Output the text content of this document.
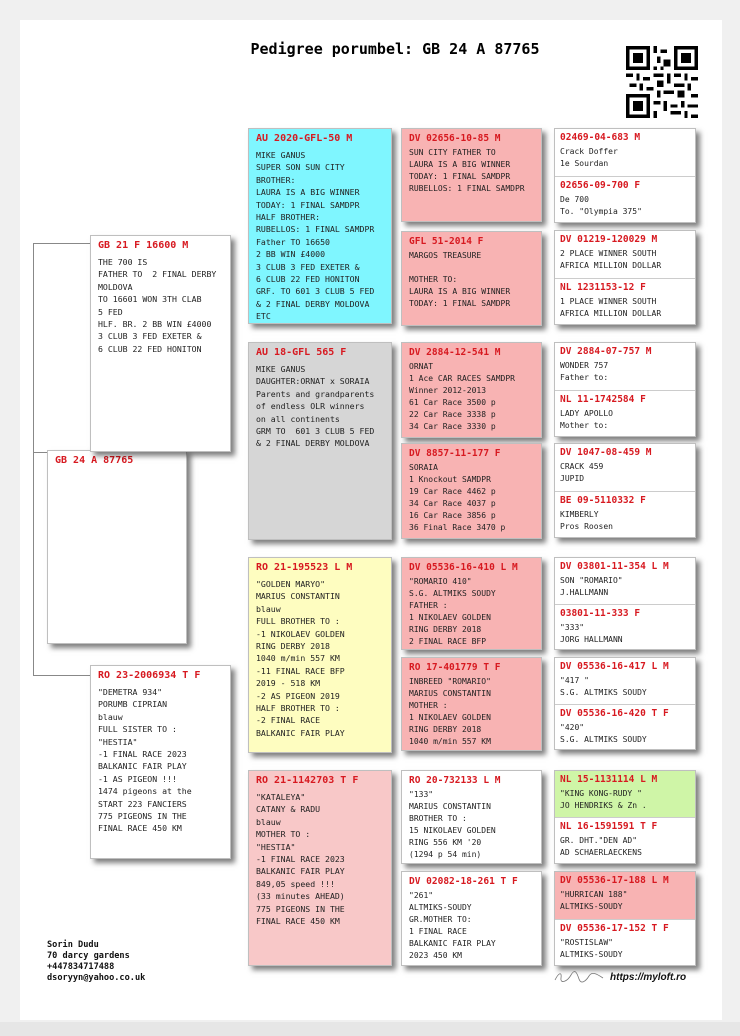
Pedigree porumbel: GB 24 A 87765
GB 24 A 87765
GB 21 F 16600 M
THE 700 IS
FATHER TO  2 FINAL DERBY
MOLDOVA
TO 16601 WON 3TH CLAB
5 FED
HLF. BR. 2 BB WIN £4000
3 CLUB 3 FED EXETER &
6 CLUB 22 FED HONITON
RO 23-2006934 T F
"DEMETRA 934"
PORUMB CIPRIAN
blauw
FULL SISTER TO :
"HESTIA"
-1 FINAL RACE 2023
BALKANIC FAIR PLAY
-1 AS PIGEON !!!
1474 pigeons at the
START 223 FANCIERS
775 PIGEONS IN THE
FINAL RACE 450 KM
AU 2020-GFL-50 M
MIKE GANUS
SUPER SON SUN CITY
BROTHER:
LAURA IS A BIG WINNER
TODAY: 1 FINAL SAMDPR
HALF BROTHER:
RUBELLOS: 1 FINAL SAMDPR
Father TO 16650
2 BB WIN £4000
3 CLUB 3 FED EXETER &
6 CLUB 22 FED HONITON
GRF. TO 601 3 CLUB 5 FED
& 2 FINAL DERBY MOLDOVA
ETC
AU 18-GFL 565 F
MIKE GANUS
DAUGHTER:ORNAT x SORAIA
Parents and grandparents
of endless OLR winners
on all continents
GRM TO  601 3 CLUB 5 FED
& 2 FINAL DERBY MOLDOVA
RO 21-195523 L M
"GOLDEN MARYO"
MARIUS CONSTANTIN
blauw
FULL BROTHER TO :
-1 NIKOLAEV GOLDEN
RING DERBY 2018
1040 m/min 557 KM
-11 FINAL RACE BFP
2019 - 518 KM
-2 AS PIGEON 2019
HALF BROTHER TO :
-2 FINAL RACE
BALKANIC FAIR PLAY
RO 21-1142703 T F
"KATALEYA"
CATANY & RADU
blauw
MOTHER TO :
"HESTIA"
-1 FINAL RACE 2023
BALKANIC FAIR PLAY
849,05 speed !!!
(33 minutes AHEAD)
775 PIGEONS IN THE
FINAL RACE 450 KM
DV 02656-10-85 M
SUN CITY FATHER TO
LAURA IS A BIG WINNER
TODAY: 1 FINAL SAMDPR
RUBELLOS: 1 FINAL SAMDPR
GFL 51-2014 F
MARGOS TREASURE

MOTHER TO:
LAURA IS A BIG WINNER
TODAY: 1 FINAL SAMDPR
DV 2884-12-541 M
ORNAT
1 Ace CAR RACES SAMDPR
Winner 2012-2013
61 Car Race 3500 p
22 Car Race 3338 p
34 Car Race 3330 p
DV 8857-11-177 F
SORAIA
1 Knockout SAMDPR
19 Car Race 4462 p
34 Car Race 4037 p
16 Car Race 3856 p
36 Final Race 3470 p
DV 05536-16-410 L M
"ROMARIO 410"
S.G. ALTMIKS SOUDY
FATHER :
1 NIKOLAEV GOLDEN
RING DERBY 2018
2 FINAL RACE BFP
RO 17-401779 T F
INBREED "ROMARIO"
MARIUS CONSTANTIN
MOTHER :
1 NIKOLAEV GOLDEN
RING DERBY 2018
1040 m/min 557 KM
RO 20-732133 L M
"133"
MARIUS CONSTANTIN
BROTHER TO :
15 NIKOLAEV GOLDEN
RING 556 KM '20
(1294 p 54 min)
DV 02082-18-261 T F
"261"
ALTMIKS-SOUDY
GR.MOTHER TO:
1 FINAL RACE
BALKANIC FAIR PLAY
2023 450 KM
02469-04-683 M
Crack Doffer
1e Sourdan
02656-09-700 F
De 700
To. "Olympia 375"
DV 01219-120029 M
2 PLACE WINNER SOUTH
AFRICA MILLION DOLLAR
NL 1231153-12 F
1 PLACE WINNER SOUTH
AFRICA MILLION DOLLAR
DV 2884-07-757 M
WONDER 757
Father to:
NL 11-1742584 F
LADY APOLLO
Mother to:
DV 1047-08-459 M
CRACK 459
JUPID
BE 09-5110332 F
KIMBERLY
Pros Roosen
DV 03801-11-354 L M
SON "ROMARIO"
J.HALLMANN
03801-11-333 F
"333"
JORG HALLMANN
DV 05536-16-417 L M
"417 "
S.G. ALTMIKS SOUDY
DV 05536-16-420 T F
"420"
S.G. ALTMIKS SOUDY
NL 15-1131114 L M
"KING KONG-RUDY "
JO HENDRIKS & Zn .
NL 16-1591591 T F
GR. DHT."DEN AD"
AD SCHAERLAECKENS
DV 05536-17-188 L M
"HURRICAN 188"
ALTMIKS-SOUDY
DV 05536-17-152 T F
"ROSTISLAW"
ALTMIKS-SOUDY
Sorin Dudu
70 darcy gardens
+447834717488
dsoryyn@yahoo.co.uk	https://myloft.ro
